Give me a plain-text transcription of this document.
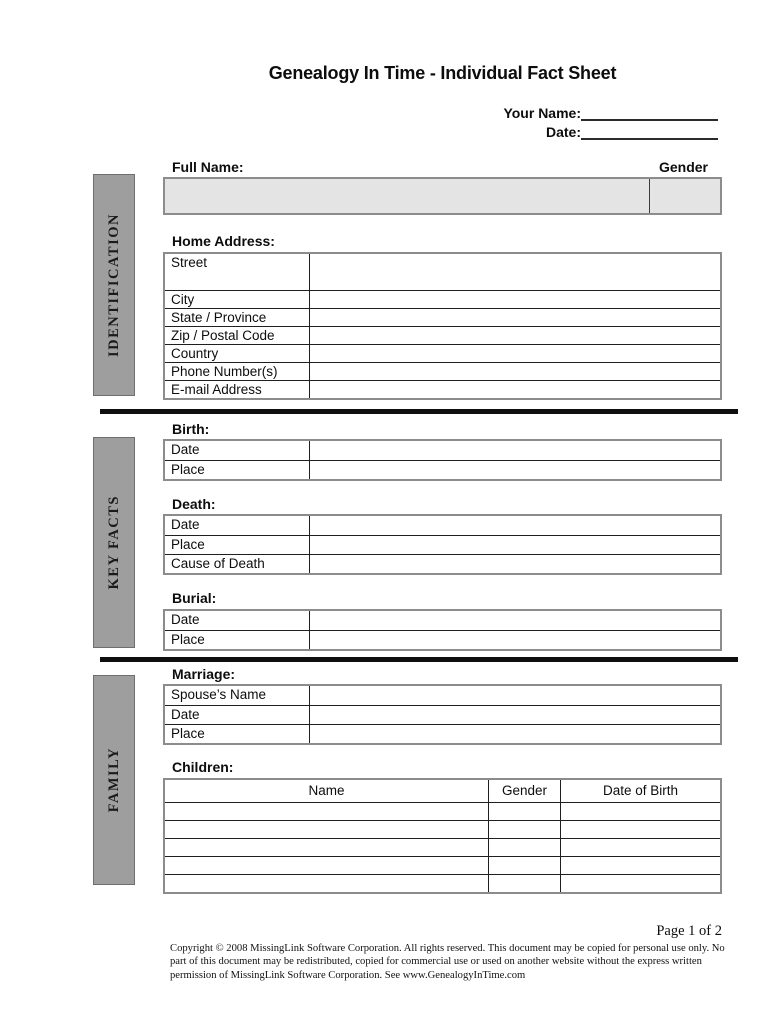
Genealogy In Time - Individual Fact Sheet
Your Name:
Date:
Full Name:	Gender
IDENTIFICATION	Home Address:
Street
City
State / Province
Zip / Postal Code
Country
Phone Number(s)
E-mail Address
KEY FACTS
Birth:
Date
Place
Death:
Date
Place
Cause of Death
Burial:
Date
Place
FAMILY
Marriage:
Spouse’s Name
Date
Place
Children:
Name	Gender	Date of Birth
Page 1 of 2
Copyright © 2008 MissingLink Software Corporation. All rights reserved. This document may be copied for personal use only. No part of this document may be redistributed, copied for commercial use or used on another website without the express written permission of MissingLink Software Corporation. See www.GenealogyInTime.com
